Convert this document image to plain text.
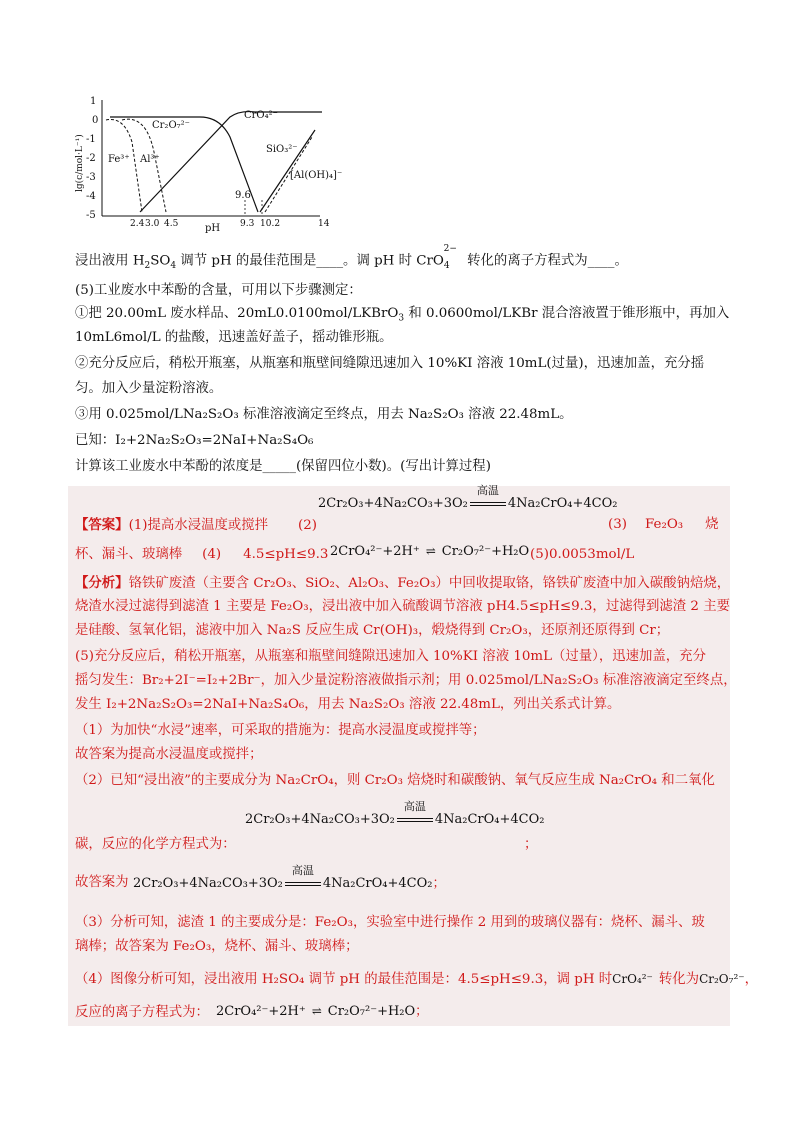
1
0
-1
-2
-3
-4
-5
lg(c/mol·L⁻¹)
2.4 3.0 4.5	9.3 10.2	14
pH
Cr₂O₇²⁻
CrO₄²⁻
Fe³⁺ Al³⁺
SiO₃²⁻
[Al(OH)₄]⁻
9.6
浸出液用 $H_2SO_4$ 调节 pH 的最佳范围是____。调 pH 时 CrO$_4^{2-}$ 转化的离子方程式为____。
(5)工业废水中苯酚的含量，可用以下步骤测定：
①把 20.00mL 废水样品、20mL0.0100mol/LKBrO$_3$ 和 0.0600mol/LKBr 混合溶液置于锥形瓶中，再加入
10mL6mol/L 的盐酸，迅速盖好盖子，摇动锥形瓶。
②充分反应后，稍松开瓶塞，从瓶塞和瓶壁间缝隙迅速加入 10%KI 溶液 10mL(过量)，迅速加盖，充分摇
匀。加入少量淀粉溶液。
③用 0.025mol/LNa₂S₂O₃ 标准溶液滴定至终点，用去 Na₂S₂O₃ 溶液 22.48mL。
已知：I₂+2Na₂S₂O₃=2NaI+Na₂S₄O₆
计算该工业废水中苯酚的浓度是_____(保留四位小数)。(写出计算过程)
2Cr₂O₃+4Na₂CO₃+3O₂
高温
4Na₂CrO₄+4CO₂
【答案】(1)提高水浸温度或搅拌 (2)	(3) Fe₂O₃ 烧
杯、漏斗、玻璃棒 (4) 4.5≤pH≤9.3 2CrO₄²⁻+2H⁺ ⇌ Cr₂O₇²⁻+H₂O (5)0.0053mol/L
【分析】铬铁矿废渣（主要含 Cr₂O₃、SiO₂、Al₂O₃、Fe₂O₃）中回收提取铬，铬铁矿废渣中加入碳酸钠焙烧，
烧渣水浸过滤得到滤渣 1 主要是 Fe₂O₃，浸出液中加入硫酸调节溶液 pH4.5≤pH≤9.3，过滤得到滤渣 2 主要
是硅酸、氢氧化铝，滤液中加入 Na₂S 反应生成 Cr(OH)₃，煅烧得到 Cr₂O₃，还原剂还原得到 Cr；
(5)充分反应后，稍松开瓶塞，从瓶塞和瓶壁间缝隙迅速加入 10%KI 溶液 10mL（过量），迅速加盖，充分
摇匀发生：Br₂+2I⁻=I₂+2Br⁻，加入少量淀粉溶液做指示剂；用 0.025mol/LNa₂S₂O₃ 标准溶液滴定至终点，
发生 I₂+2Na₂S₂O₃=2NaI+Na₂S₄O₆，用去 Na₂S₂O₃ 溶液 22.48mL，列出关系式计算。
（1）为加快“水浸”速率，可采取的措施为：提高水浸温度或搅拌等；
故答案为提高水浸温度或搅拌；
（2）已知“浸出液”的主要成分为 Na₂CrO₄，则 Cr₂O₃ 焙烧时和碳酸钠、氧气反应生成 Na₂CrO₄ 和二氧化
2Cr₂O₃+4Na₂CO₃+3O₂
高温
4Na₂CrO₄+4CO₂
碳，反应的化学方程式为：	；
故答案为 2Cr₂O₃+4Na₂CO₃+3O₂
高温
4Na₂CrO₄+4CO₂；
（3）分析可知，滤渣 1 的主要成分是：Fe₂O₃，实验室中进行操作 2 用到的玻璃仪器有：烧杯、漏斗、玻
璃棒；故答案为 Fe₂O₃，烧杯、漏斗、玻璃棒；
（4）图像分析可知，浸出液用 H₂SO₄ 调节 pH 的最佳范围是：4.5≤pH≤9.3，调 pH 时CrO₄²⁻ 转化为Cr₂O₇²⁻，
反应的离子方程式为： 2CrO₄²⁻+2H⁺ ⇌ Cr₂O₇²⁻+H₂O；
